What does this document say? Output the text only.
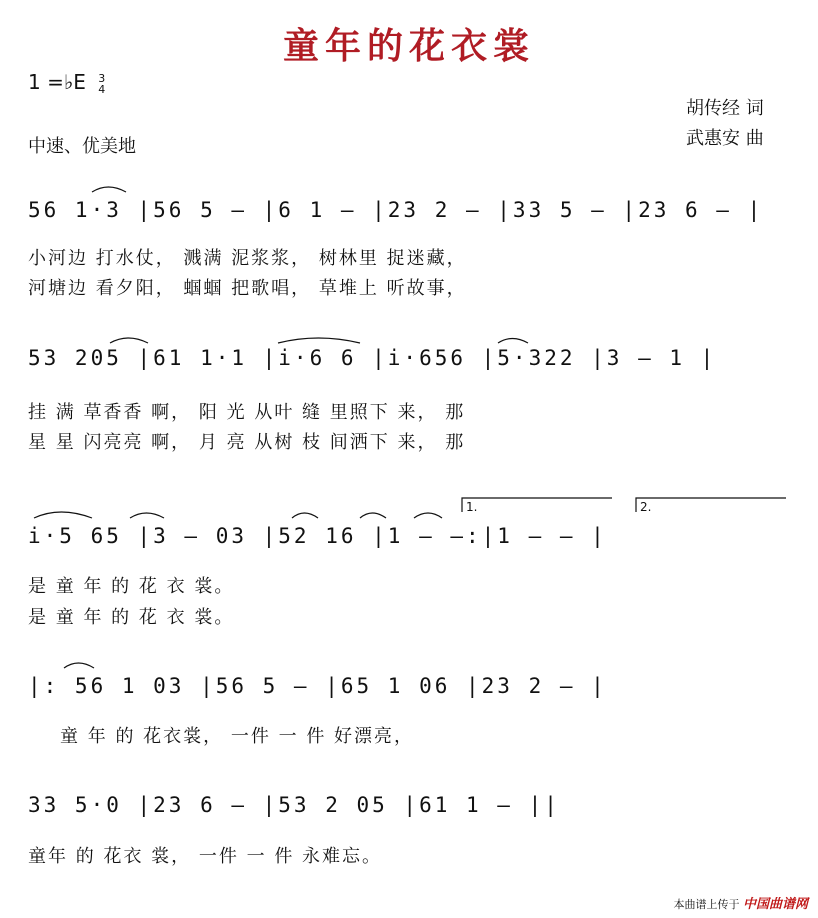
童年的花衣裳
1 =♭E 3
4
中速、优美地
胡传经 词
武惠安 曲
56 1·3 |56 5 – |6 1 – |23 2 – |33 5 – |23 6 – |
小河边 打水仗， 溅满 泥浆浆， 树林里 捉迷藏，
河塘边 看夕阳， 蝈蝈 把歌唱， 草堆上 听故事，
53 205 |61 1·1 |i·6 6 |i·656 |5·322 |3 – 1 |
挂 满 草香香 啊， 阳 光 从叶 缝 里照下 来， 那
星 星 闪亮亮 啊， 月 亮 从树 枝 间洒下 来， 那
1.	2.
i·5 65 |3 – 03 |52 16 |1 – –:|1 – – |
是 童 年 的 花 衣 裳。
是 童 年 的 花 衣 裳。
|: 56 1 03 |56 5 – |65 1 06 |23 2 – |
童 年 的 花衣裳， 一件 一 件 好漂亮，
33 5·0 |23 6 – |53 2 05 |61 1 – ||
童年 的 花衣 裳， 一件 一 件 永难忘。
本曲谱上传于 中国曲谱网
